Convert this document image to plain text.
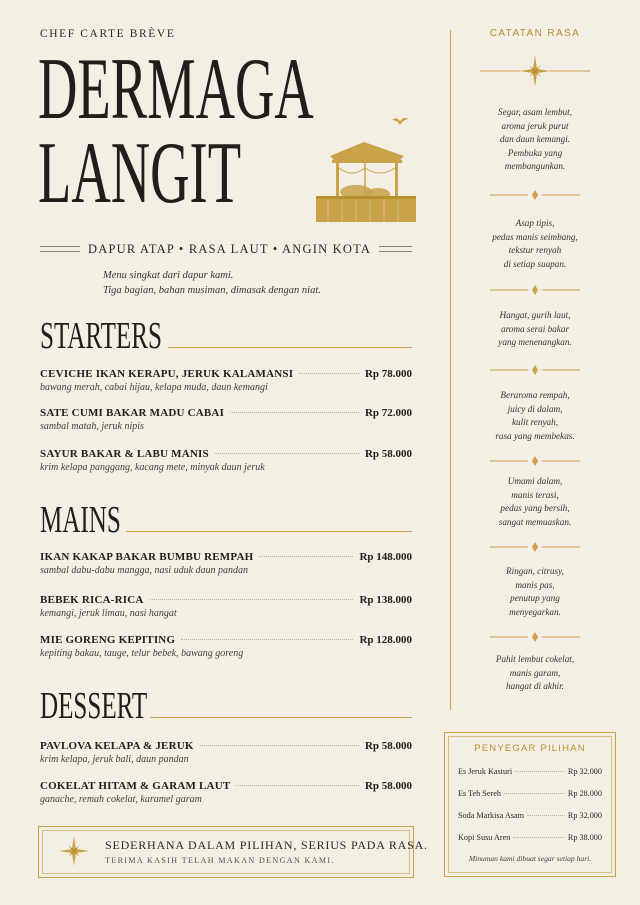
CHEF CARTE BRÈVE
DERMAGA
LANGIT
DAPUR ATAP • RASA LAUT • ANGIN KOTA
Menu singkat dari dapur kami.
Tiga bagian, bahan musiman, dimasak dengan niat.
STARTERS
CEVICHE IKAN KERAPU, JERUK KALAMANSI	Rp 78.000
bawang merah, cabai hijau, kelapa muda, daun kemangi
SATE CUMI BAKAR MADU CABAI	Rp 72.000
sambal matah, jeruk nipis
SAYUR BAKAR & LABU MANIS	Rp 58.000
krim kelapa panggang, kacang mete, minyak daun jeruk
MAINS
IKAN KAKAP BAKAR BUMBU REMPAH	Rp 148.000
sambal dabu-dabu mangga, nasi uduk daun pandan
BEBEK RICA-RICA	Rp 138.000
kemangi, jeruk limau, nasi hangat
MIE GORENG KEPITING	Rp 128.000
kepiting bakau, tauge, telur bebek, bawang goreng
DESSERT
PAVLOVA KELAPA & JERUK	Rp 58.000
krim kelapa, jeruk bali, daun pandan
COKELAT HITAM & GARAM LAUT	Rp 58.000
ganache, remah cokelat, karamel garam
SEDERHANA DALAM PILIHAN, SERIUS PADA RASA.
TERIMA KASIH TELAH MAKAN DENGAN KAMI.
CATATAN RASA
Segar, asam lembut,
aroma jeruk purut
dan daun kemangi.
Pembuka yang
membangunkan.
Asap tipis,
pedas manis seimbang,
tekstur renyah
di setiap suapan.
Hangat, gurih laut,
aroma serai bakar
yang menenangkan.
Beraroma rempah,
juicy di dalam,
kulit renyah,
rasa yang membekas.
Umami dalam,
manis terasi,
pedas yang bersih,
sangat memuaskan.
Ringan, citrusy,
manis pas,
penutup yang
menyegarkan.
Pahit lembut cokelat,
manis garam,
hangat di akhir.
PENYEGAR PILIHAN
Es Jeruk Kasturi	Rp 32.000
Es Teh Sereh	Rp 28.000
Soda Markisa Asam	Rp 32.000
Kopi Susu Aren	Rp 38.000
Minuman kami dibuat segar setiap hari.
